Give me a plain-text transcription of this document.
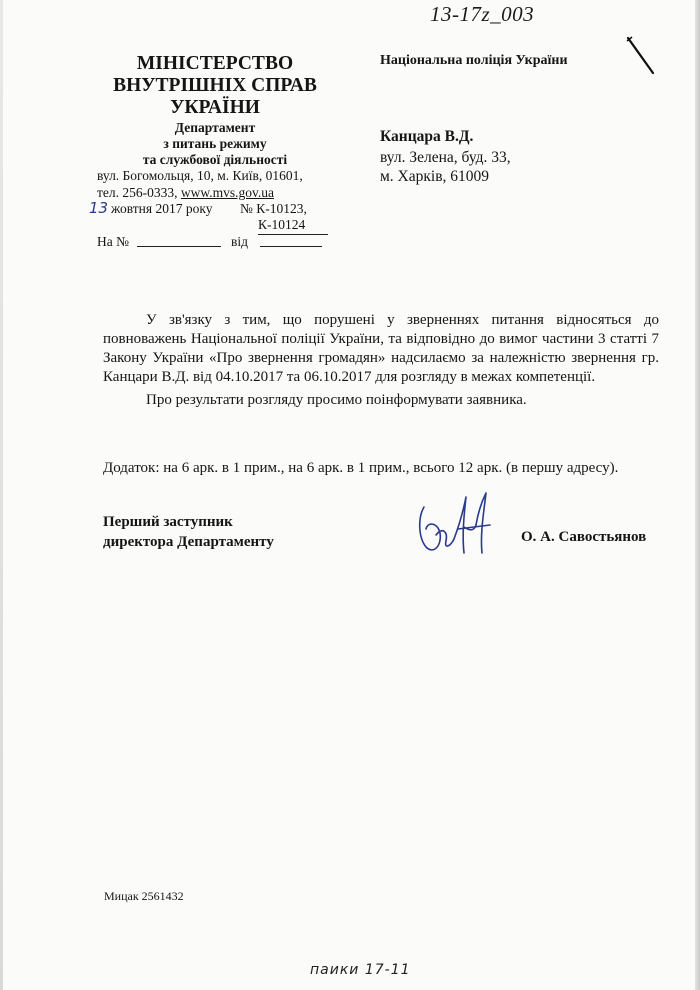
13-17z_003
МІНІСТЕРСТВО
ВНУТРІШНІХ СПРАВ
УКРАЇНИ
Департамент
з питань режиму
та службової діяльності
вул. Богомольця, 10, м. Київ, 01601,
тел. 256-0333, www.mvs.gov.ua
13 жовтня 2017 року № К-10123,
К-10124
На №	від
Національна поліція України
Канцара В.Д.
вул. Зелена, буд. 33,
м. Харків, 61009

У зв'язку з тим, що порушені у зверненнях питання відносяться до повноважень Національної поліції України, та відповідно до вимог частини 3 статті 7 Закону України «Про звернення громадян» надсилаємо за належністю звернення гр. Канцари В.Д. від 04.10.2017 та 06.10.2017 для розгляду в межах компетенції.

Про результати розгляду просимо поінформувати заявника.

Додаток: на 6 арк. в 1 прим., на 6 арк. в 1 прим., всього 12 арк. (в першу адресу).
Перший заступник
директора Департаменту	О. А. Савостьянов
Мицак 2561432
паики 17-11
